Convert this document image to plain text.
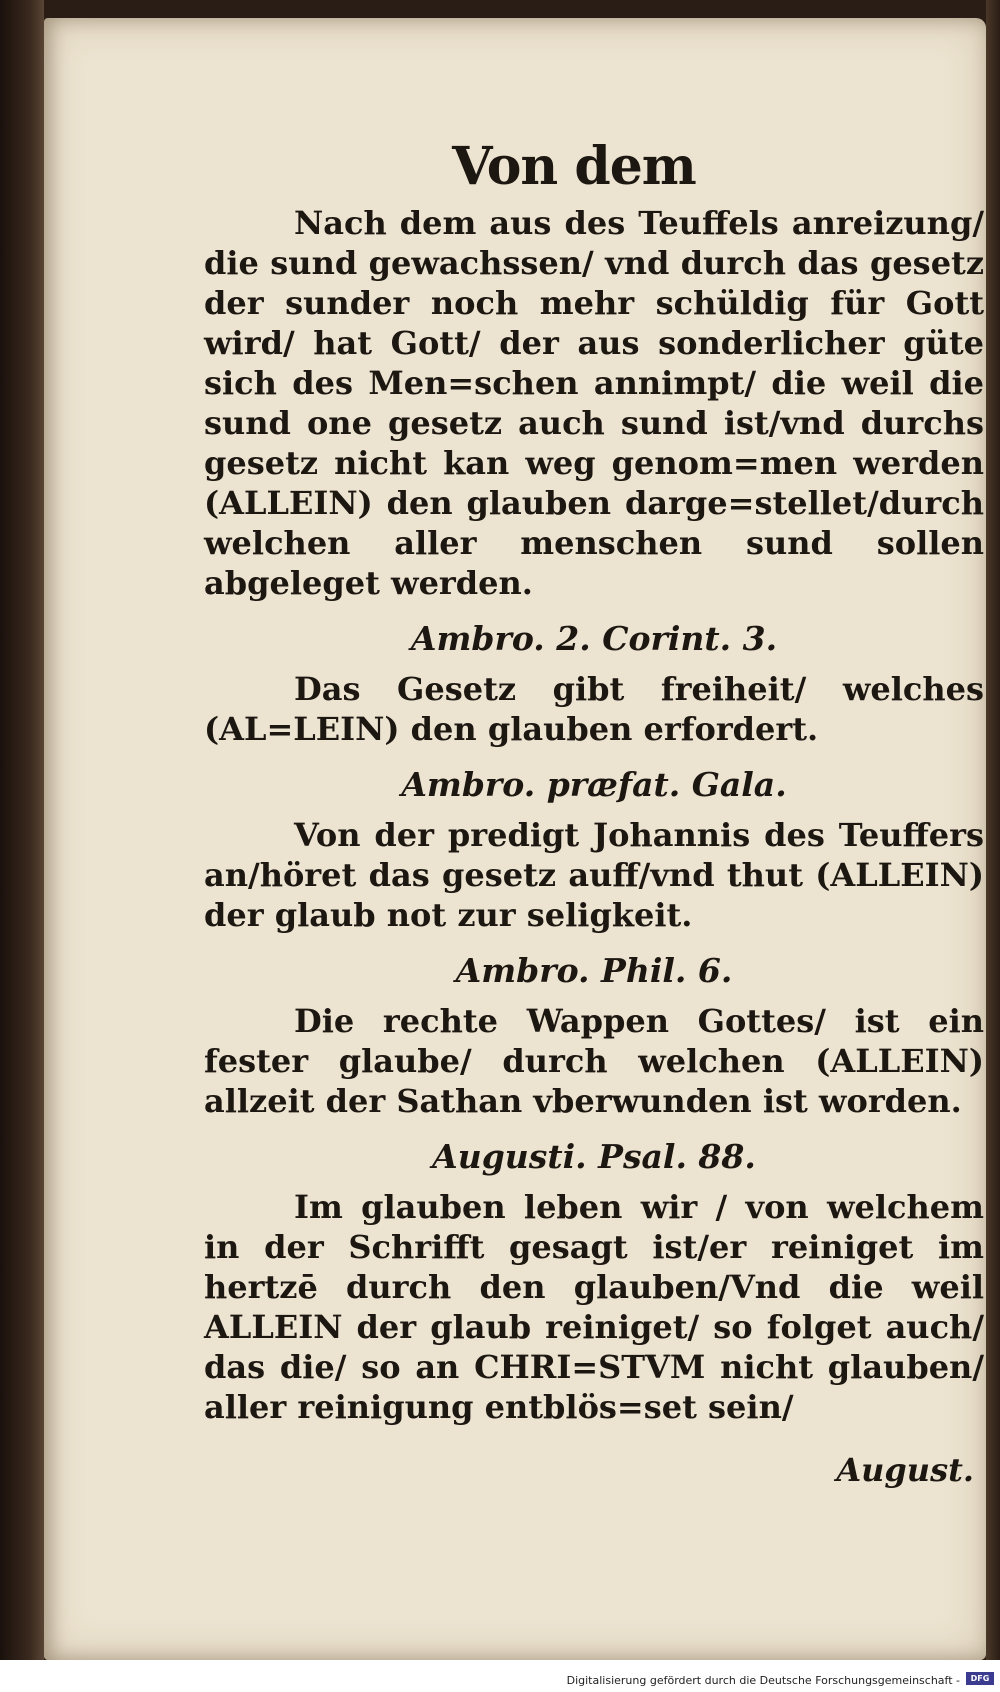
Von dem

Nach dem aus des Teuffels anreizung/ die sund gewachssen/ vnd durch das gesetz der sunder noch mehr schüldig für Gott wird/ hat Gott/ der aus sonderlicher güte sich des Men=schen annimpt/ die weil die sund one gesetz auch sund ist/vnd durchs gesetz nicht kan weg genom=men werden (ALLEIN) den glauben darge=stellet/durch welchen aller menschen sund sollen abgeleget werden.

Ambro. 2. Corint. 3.

Das Gesetz gibt freiheit/ welches (AL=LEIN) den glauben erfordert.

Ambro. præfat. Gala.

Von der predigt Johannis des Teuffers an/höret das gesetz auff/vnd thut (ALLEIN) der glaub not zur seligkeit.

Ambro. Phil. 6.

Die rechte Wappen Gottes/ ist ein fester glaube/ durch welchen (ALLEIN) allzeit der Sathan vberwunden ist worden.

Augusti. Psal. 88.

Im glauben leben wir / von welchem in der Schrifft gesagt ist/er reiniget im hertzē durch den glauben/Vnd die weil ALLEIN der glaub reiniget/ so folget auch/ das die/ so an CHRI=STVM nicht glauben/ aller reinigung entblös=set sein/

August.
Digitalisierung gefördert durch die Deutsche Forschungsgemeinschaft -	DFG
